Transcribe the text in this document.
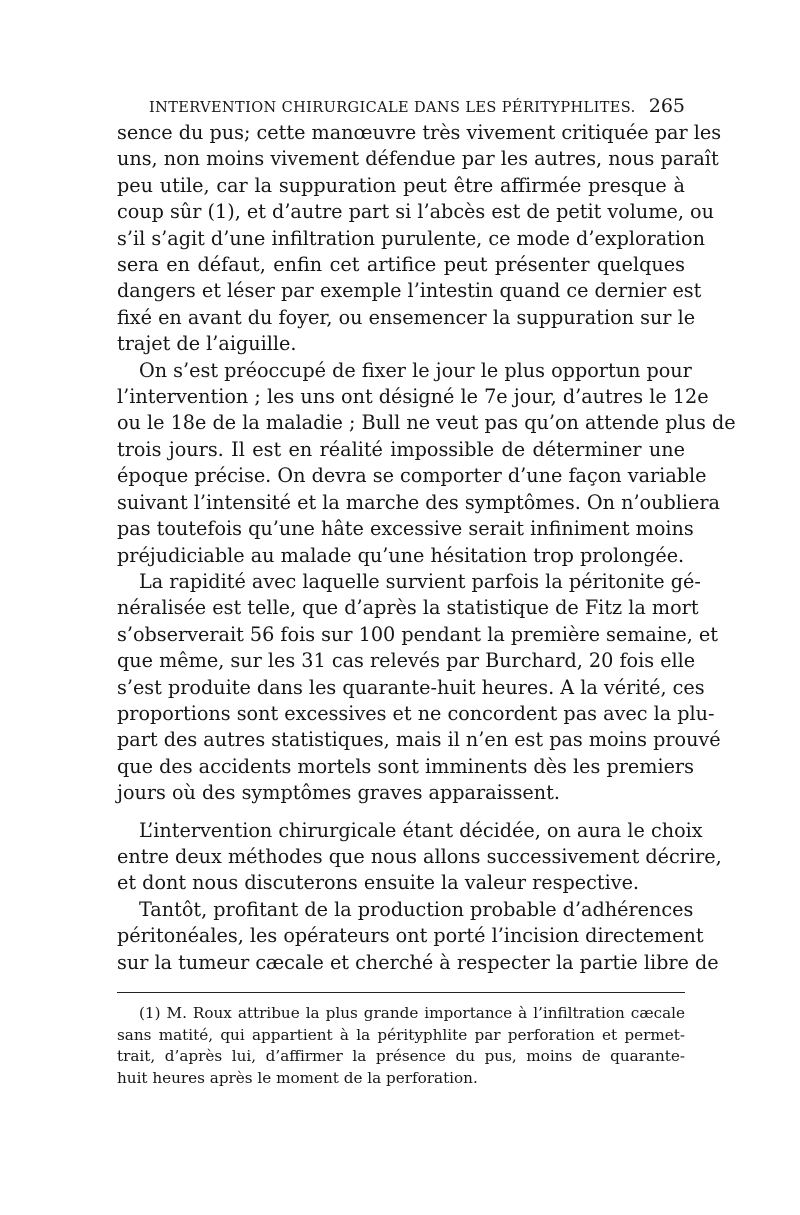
INTERVENTION CHIRURGICALE DANS LES PÉRITYPHLITES. 265
sence du pus; cette manœuvre très vivement critiquée par les
uns, non moins vivement défendue par les autres, nous paraît
peu utile, car la suppuration peut être affirmée presque à
coup sûr (1), et d’autre part si l’abcès est de petit volume, ou
s’il s’agit d’une infiltration purulente, ce mode d’exploration
sera en défaut, enfin cet artifice peut présenter quelques
dangers et léser par exemple l’intestin quand ce dernier est
fixé en avant du foyer, ou ensemencer la suppuration sur le
trajet de l’aiguille.
On s’est préoccupé de fixer le jour le plus opportun pour
l’intervention ; les uns ont désigné le 7e jour, d’autres le 12e
ou le 18e de la maladie ; Bull ne veut pas qu’on attende plus de
trois jours. Il est en réalité impossible de déterminer une
époque précise. On devra se comporter d’une façon variable
suivant l’intensité et la marche des symptômes. On n’oubliera
pas toutefois qu’une hâte excessive serait infiniment moins
préjudiciable au malade qu’une hésitation trop prolongée.
La rapidité avec laquelle survient parfois la péritonite gé-
néralisée est telle, que d’après la statistique de Fitz la mort
s’observerait 56 fois sur 100 pendant la première semaine, et
que même, sur les 31 cas relevés par Burchard, 20 fois elle
s’est produite dans les quarante-huit heures. A la vérité, ces
proportions sont excessives et ne concordent pas avec la plu-
part des autres statistiques, mais il n’en est pas moins prouvé
que des accidents mortels sont imminents dès les premiers
jours où des symptômes graves apparaissent.
L’intervention chirurgicale étant décidée, on aura le choix
entre deux méthodes que nous allons successivement décrire,
et dont nous discuterons ensuite la valeur respective.
Tantôt, profitant de la production probable d’adhérences
péritonéales, les opérateurs ont porté l’incision directement
sur la tumeur cæcale et cherché à respecter la partie libre de
(1) M. Roux attribue la plus grande importance à l’infiltration cæcale
sans matité, qui appartient à la pérityphlite par perforation et permet-
trait, d’après lui, d’affirmer la présence du pus, moins de quarante-
huit heures après le moment de la perforation.
